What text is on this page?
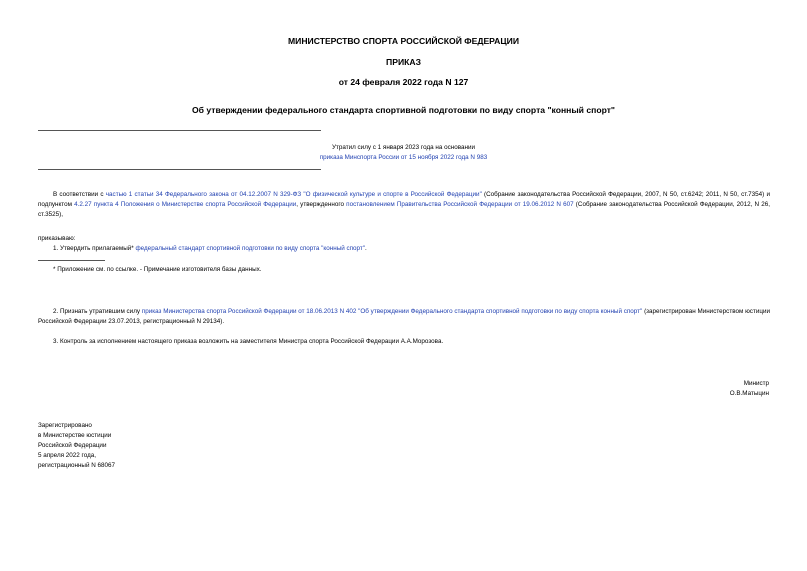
МИНИСТЕРСТВО СПОРТА РОССИЙСКОЙ ФЕДЕРАЦИИ
ПРИКАЗ
от 24 февраля 2022 года N 127
Об утверждении федерального стандарта спортивной подготовки по виду спорта "конный спорт"
Утратил силу с 1 января 2023 года на основании
приказа Минспорта России от 15 ноября 2022 года N 983
В соответствии с частью 1 статьи 34 Федерального закона от 04.12.2007 N 329-ФЗ "О физической культуре и спорте в Российской Федерации" (Собрание законодательства Российской Федерации, 2007, N 50, ст.6242; 2011, N 50, ст.7354) и подпунктом 4.2.27 пункта 4 Положения о Министерстве спорта Российской Федерации, утвержденного постановлением Правительства Российской Федерации от 19.06.2012 N 607 (Собрание законодательства Российской Федерации, 2012, N 26, ст.3525),
приказываю:
1. Утвердить прилагаемый* федеральный стандарт спортивной подготовки по виду спорта "конный спорт".
* Приложение см. по ссылке. - Примечание изготовителя базы данных.
2. Признать утратившим силу приказ Министерства спорта Российской Федерации от 18.06.2013 N 402 "Об утверждении Федерального стандарта спортивной подготовки по виду спорта конный спорт" (зарегистрирован Министерством юстиции Российской Федерации 23.07.2013, регистрационный N 29134).
3. Контроль за исполнением настоящего приказа возложить на заместителя Министра спорта Российской Федерации А.А.Морозова.
Министр
О.В.Матыцин
Зарегистрировано
в Министерстве юстиции
Российской Федерации
5 апреля 2022 года,
регистрационный N 68067
